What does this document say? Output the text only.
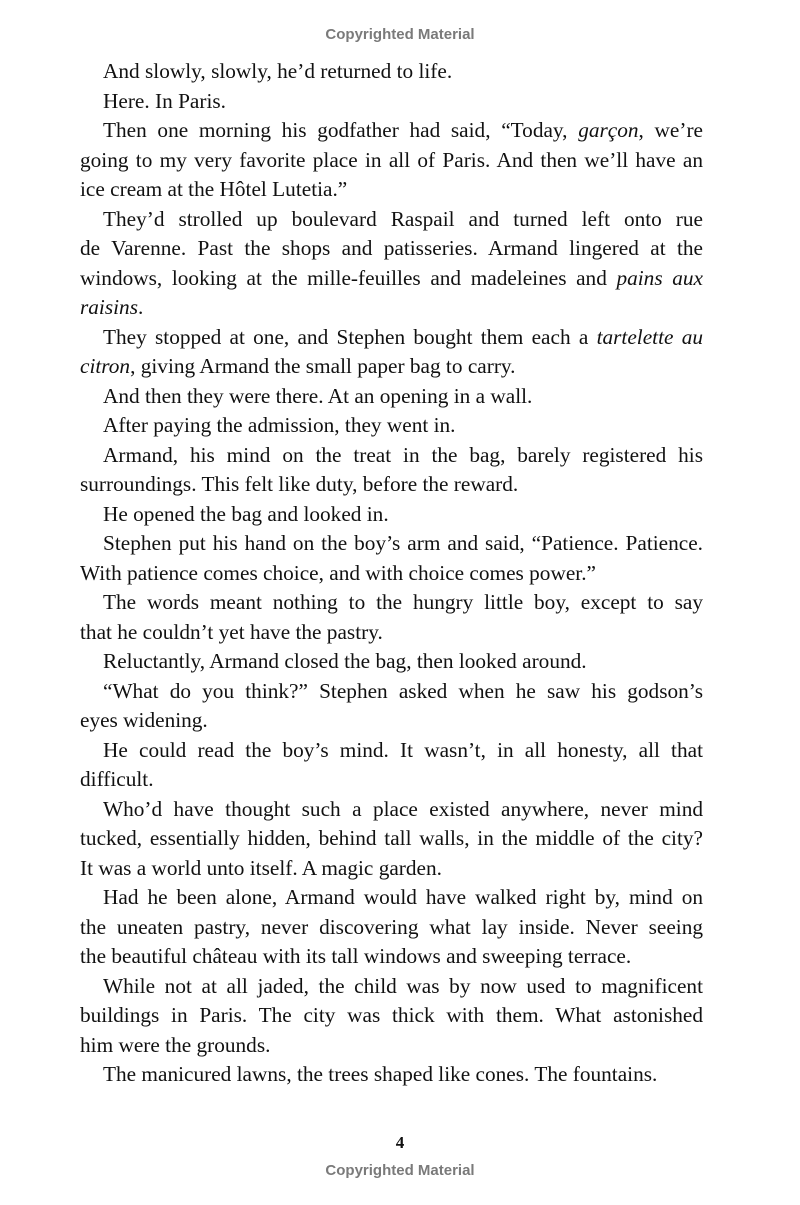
Copyrighted Material
And slowly, slowly, he’d returned to life.
Here. In Paris.
Then one morning his godfather had said, “Today, garçon, we’re
going to my very favorite place in all of Paris. And then we’ll have an
ice cream at the Hôtel Lutetia.”
They’d strolled up boulevard Raspail and turned left onto rue
de Varenne. Past the shops and patisseries. Armand lingered at the
windows, looking at the mille-feuilles and madeleines and pains aux
raisins.
They stopped at one, and Stephen bought them each a tartelette au
citron, giving Armand the small paper bag to carry.
And then they were there. At an opening in a wall.
After paying the admission, they went in.
Armand, his mind on the treat in the bag, barely registered his
surroundings. This felt like duty, before the reward.
He opened the bag and looked in.
Stephen put his hand on the boy’s arm and said, “Patience. Patience.
With patience comes choice, and with choice comes power.”
The words meant nothing to the hungry little boy, except to say
that he couldn’t yet have the pastry.
Reluctantly, Armand closed the bag, then looked around.
“What do you think?” Stephen asked when he saw his godson’s
eyes widening.
He could read the boy’s mind. It wasn’t, in all honesty, all that
difficult.
Who’d have thought such a place existed anywhere, never mind
tucked, essentially hidden, behind tall walls, in the middle of the city?
It was a world unto itself. A magic garden.
Had he been alone, Armand would have walked right by, mind on
the uneaten pastry, never discovering what lay inside. Never seeing
the beautiful château with its tall windows and sweeping terrace.
While not at all jaded, the child was by now used to magnificent
buildings in Paris. The city was thick with them. What astonished
him were the grounds.
The manicured lawns, the trees shaped like cones. The fountains.
4
Copyrighted Material
